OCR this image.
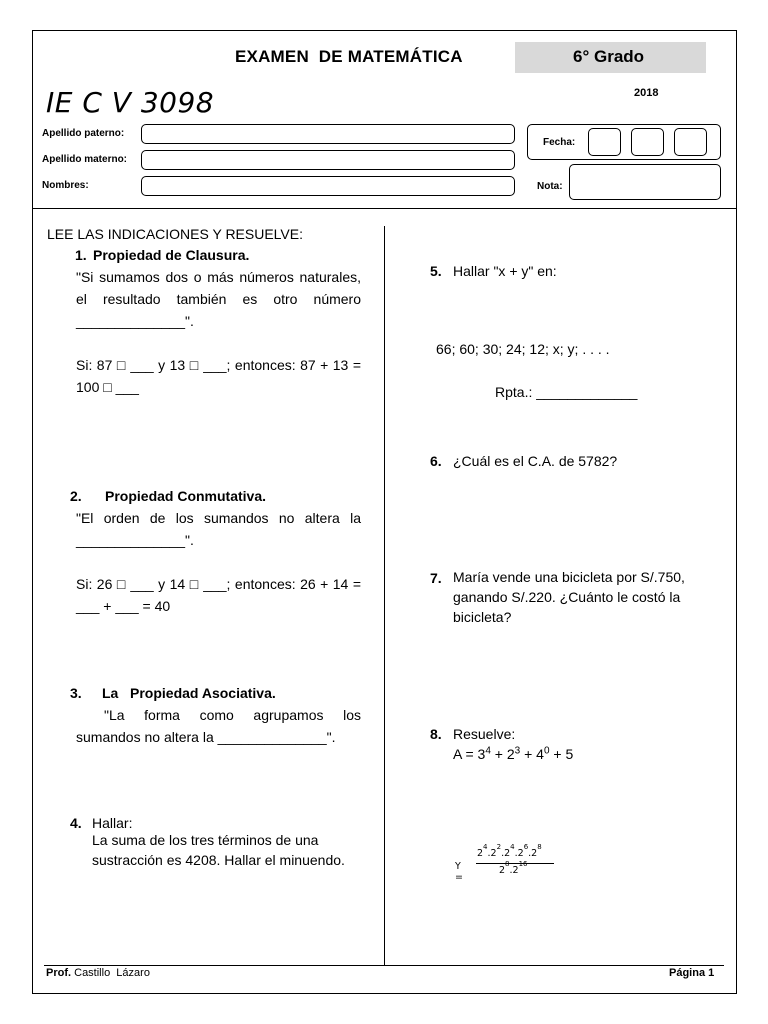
EXAMEN  DE MATEMÁTICA	6° Grado
2018
IE C V 3098
Apellido paterno:
Apellido materno:
Nombres:
Fecha:
Nota:
LEE LAS INDICACIONES Y RESUELVE:
1. Propiedad de Clausura.
"Si sumamos dos o más números naturales, el resultado también es otro número ______________".
Si: 87 □ ___ y 13 □ ___; entonces: 87 + 13 = 100 □ ___
2. Propiedad Conmutativa.
"El orden de los sumandos no altera la ______________".
Si: 26 □ ___ y 14 □ ___; entonces: 26 + 14 = ___ + ___ = 40
3. La   Propiedad Asociativa.
"La forma como agrupamos los sumandos no altera la ______________".
4. Hallar:
La suma de los tres términos de una sustracción es 4208. Hallar el minuendo.
5. Hallar "x + y" en:
66; 60; 30; 24; 12; x; y; . . . .
Rpta.: _____________
6. ¿Cuál es el C.A. de 5782?
7. María vende una bicicleta por S/.750, ganando S/.220. ¿Cuánto le costó la bicicleta?
8. Resuelve:
$A = 3^4 + 2^3 + 4^0 + 5$
Y =
$2^4.2^2.2^4.2^6.2^8$
$2^8.2^{16}$
Prof. Castillo  Lázaro	Página 1
